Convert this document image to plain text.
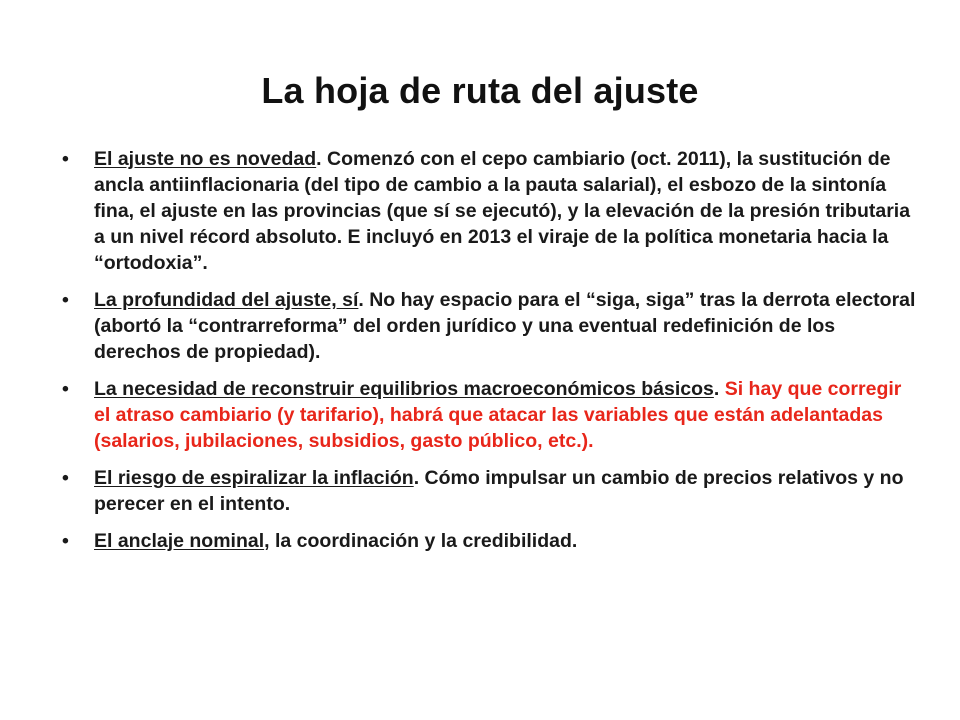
La hoja de ruta del ajuste
• El ajuste no es novedad. Comenzó con el cepo cambiario (oct. 2011), la sustitución de ancla antiinflacionaria (del tipo de cambio a la pauta salarial), el esbozo de la sintonía fina, el ajuste en las provincias (que sí se ejecutó), y la elevación de la presión tributaria a un nivel récord absoluto. E incluyó en 2013 el viraje de la política monetaria hacia la “ortodoxia”.
• La profundidad del ajuste, sí. No hay espacio para el “siga, siga” tras la derrota electoral (abortó la “contrarreforma” del orden jurídico y una eventual redefinición de los derechos de propiedad).
• La necesidad de reconstruir equilibrios macroeconómicos básicos. Si hay que corregir el atraso cambiario (y tarifario), habrá que atacar las variables que están adelantadas (salarios, jubilaciones, subsidios, gasto público, etc.).
• El riesgo de espiralizar la inflación. Cómo impulsar un cambio de precios relativos y no perecer en el intento.
• El anclaje nominal, la coordinación y la credibilidad.
